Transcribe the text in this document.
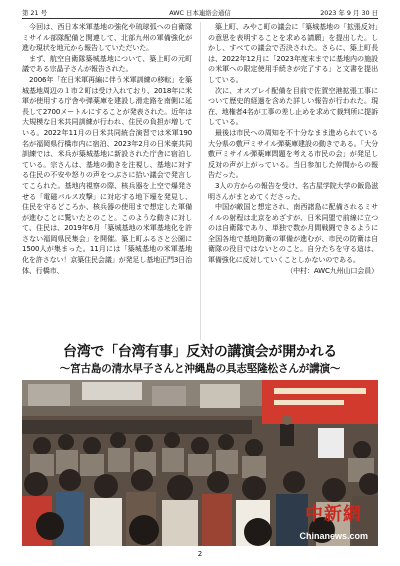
第 21 号	AWC 日本連絡会通信	2023 年 9 月 30 日

今回は、西日本米軍基地の強化や琉球弧への自衛隊ミサイル部隊配備と関連して、北部九州の軍備強化が進む現状を地元から報告していただいた。

まず、航空自衛隊築城基地について、築上町の元町議である宗晶子さんが報告された。

2006年「在日米軍再編に伴う米軍訓練の移転」を築城基地周辺の１市２町は受け入れており、2018年に米軍が使用する庁舎や弾薬庫を建設し滑走路を南側に延長して2700メートルにすることが発表された。近年は大規模な日米共同訓練が行われ、住民の負担が増している。2022年11月の日米共同統合演習では米軍190名が福岡県行橋市内に宿泊、2023年2月の日米豪共同訓練では、米兵が築城基地に新設された庁舎に宿泊している。宗さんは、基地の動きを注視し、基地に対する住民の不安や怒りの声をつぶさに拾い議会で発言してこられた。基地内視察の際、核兵器を上空で爆発させる「電磁パルス攻撃」に対応する地下壕を発見し、住民を守るどころか、核兵器の使用まで想定した軍備が進むことに驚いたとのこと。このような動きに対して、住民は、2019年6月「築城基地の米軍基地化を許さない福岡県民集会」を開催。築上町ふるさと公園に1500人が集まった。11月には「築城基地の米軍基地化を許さない！京築住民会議」が発足し基地正門3日治体、行橋市、

築上町、みやこ町の議会に「築城基地の「拡張反対」の意思を表明することを求める請願」を提出した。しかし、すべての議会で否決された。さらに、築上町長は、2022年12月に「2023年度末までに基地内の施設の米軍への限定使用手続きが完了する」と文書を提出している。

次に、オスプレイ配備を目前で佐賀空港拡張工事について歴史的経過を含めた詳しい報告が行われた。現在、地権者4名が工事の差し止めを求めて裁判所に提訴している。

最後は市民への周知を不十分なまま進められている大分県の敷戸ミサイル弾薬庫建設の動きである。「大分敷戸ミサイル弾薬庫問題を考える市民の会」が発足し反対の声が上がっている。当日参加した仲間からの報告だった。

3人の方からの報告を受け、名古屋学院大学の飯島滋明さんがまとめてくださった。

中国が敵国と想定され、南西諸島に配備されるミサイルの射程は北京をめざすが、日米同盟で前線に立つのは自衛隊であり、単独で数か月間戦闘できるように全国各地で基地防衛の軍備が進むが、市民の防衛は自衛隊の役目ではないとのこと。自分たちを守る這は、軍備強化に反対していくことしかないのである。

（中村：AWC九州山口会員）

台湾で「台湾有事」反対の講演会が開かれる
～宮古島の清水早子さんと沖縄島の具志堅隆松さんが講演～
中新網
Chinanews.com
2
